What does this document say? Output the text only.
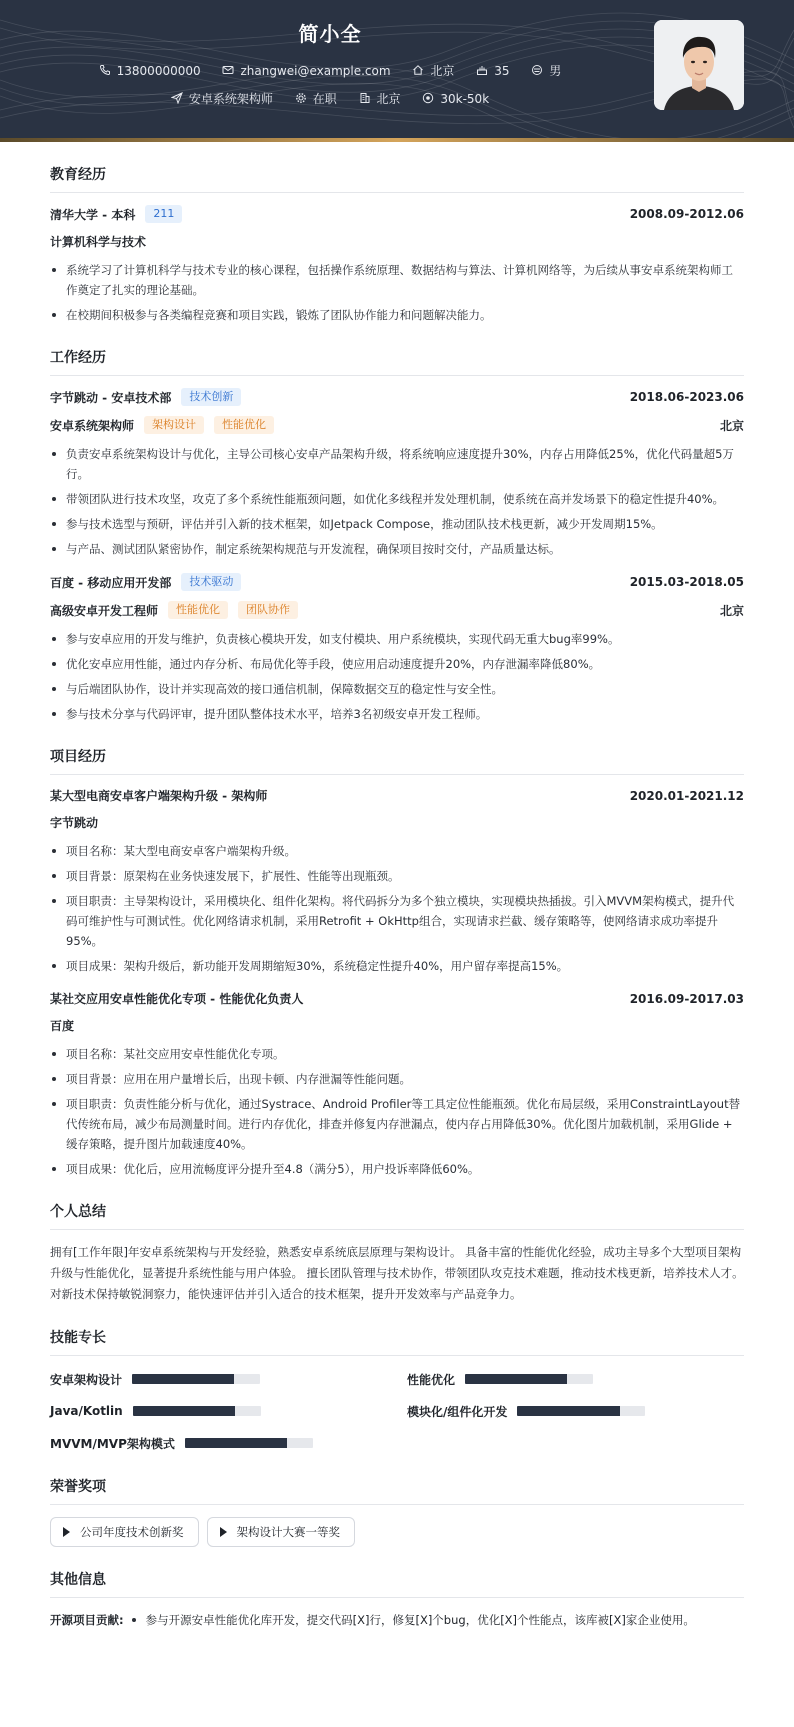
简小全
13800000000	zhangwei@example.com	北京	35	男
安卓系统架构师	在职	北京	30k-50k
教育经历
清华大学 - 本科	211	2008.09-2012.06
计算机科学与技术
系统学习了计算机科学与技术专业的核心课程，包括操作系统原理、数据结构与算法、计算机网络等，为后续从事安卓系统架构师工作奠定了扎实的理论基础。
在校期间积极参与各类编程竞赛和项目实践，锻炼了团队协作能力和问题解决能力。
工作经历
字节跳动 - 安卓技术部	技术创新	2018.06-2023.06
安卓系统架构师	架构设计	性能优化	北京
负责安卓系统架构设计与优化，主导公司核心安卓产品架构升级，将系统响应速度提升30%，内存占用降低25%，优化代码量超5万行。
带领团队进行技术攻坚，攻克了多个系统性能瓶颈问题，如优化多线程并发处理机制，使系统在高并发场景下的稳定性提升40%。
参与技术选型与预研，评估并引入新的技术框架，如Jetpack Compose，推动团队技术栈更新，减少开发周期15%。
与产品、测试团队紧密协作，制定系统架构规范与开发流程，确保项目按时交付，产品质量达标。
百度 - 移动应用开发部	技术驱动	2015.03-2018.05
高级安卓开发工程师	性能优化	团队协作	北京
参与安卓应用的开发与维护，负责核心模块开发，如支付模块、用户系统模块，实现代码无重大bug率99%。
优化安卓应用性能，通过内存分析、布局优化等手段，使应用启动速度提升20%，内存泄漏率降低80%。
与后端团队协作，设计并实现高效的接口通信机制，保障数据交互的稳定性与安全性。
参与技术分享与代码评审，提升团队整体技术水平，培养3名初级安卓开发工程师。
项目经历
某大型电商安卓客户端架构升级 - 架构师	2020.01-2021.12
字节跳动
项目名称：某大型电商安卓客户端架构升级。
项目背景：原架构在业务快速发展下，扩展性、性能等出现瓶颈。
项目职责：主导架构设计，采用模块化、组件化架构。将代码拆分为多个独立模块，实现模块热插拔。引入MVVM架构模式，提升代码可维护性与可测试性。优化网络请求机制，采用Retrofit + OkHttp组合，实现请求拦截、缓存策略等，使网络请求成功率提升95%。
项目成果：架构升级后，新功能开发周期缩短30%，系统稳定性提升40%，用户留存率提高15%。
某社交应用安卓性能优化专项 - 性能优化负责人	2016.09-2017.03
百度
项目名称：某社交应用安卓性能优化专项。
项目背景：应用在用户量增长后，出现卡顿、内存泄漏等性能问题。
项目职责：负责性能分析与优化，通过Systrace、Android Profiler等工具定位性能瓶颈。优化布局层级，采用ConstraintLayout替代传统布局，减少布局测量时间。进行内存优化，排查并修复内存泄漏点，使内存占用降低30%。优化图片加载机制，采用Glide + 缓存策略，提升图片加载速度40%。
项目成果：优化后，应用流畅度评分提升至4.8（满分5），用户投诉率降低60%。
个人总结
拥有[工作年限]年安卓系统架构与开发经验，熟悉安卓系统底层原理与架构设计。 具备丰富的性能优化经验，成功主导多个大型项目架构升级与性能优化，显著提升系统性能与用户体验。 擅长团队管理与技术协作，带领团队攻克技术难题，推动技术栈更新，培养技术人才。 对新技术保持敏锐洞察力，能快速评估并引入适合的技术框架，提升开发效率与产品竞争力。
技能专长
安卓架构设计	性能优化
Java/Kotlin	模块化/组件化开发
MVVM/MVP架构模式
荣誉奖项
公司年度技术创新奖	架构设计大赛一等奖
其他信息
开源项目贡献:	参与开源安卓性能优化库开发，提交代码[X]行，修复[X]个bug，优化[X]个性能点，该库被[X]家企业使用。
